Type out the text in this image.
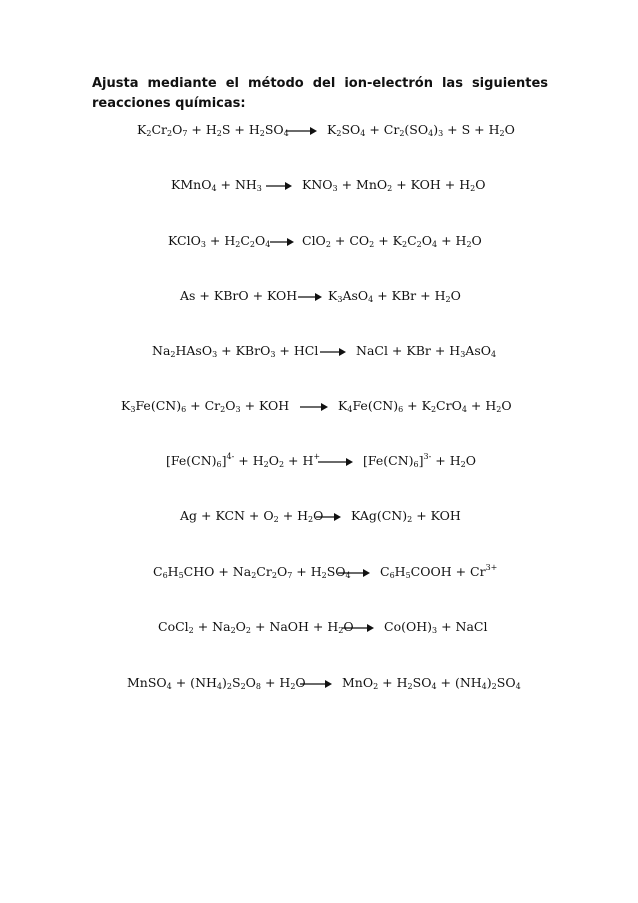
Ajusta mediante el método del ion-electrón las siguientes reacciones químicas:
$K_2Cr_2O_7 + H_2S + H_2SO_4 \to K_2SO_4 + Cr_2(SO_4)_3 + S + H_2O$
KMnO$_4$ + $NH_3 \to KNO_3 + MnO_2$ + KOH + $H_2O$
KClO$_3$ + $H_2C_2O_4 \to ClO_2 + CO_2 + K_2C_2O_4 + H_2O$
As + KBrO + KOH → $K_3AsO_4$ + KBr + $H_2O$
$Na_2HAsO_3$ + KBrO$_3$ + HCl → NaCl + KBr + $H_3AsO_4$
$K_3Fe(CN)_6 + Cr_2O_3$ + KOH → $K_4Fe(CN)_6 + K_2CrO_4 + H_2O$
$[Fe(CN)_6]^{4-} + H_2O_2 + H^+ \to [Fe(CN)_6]^{3-} + H_2O$
Ag + KCN + $O_2 + H_2O \to KAg(CN)_2$ + KOH
$C_6H_5CHO + Na_2Cr_2O_7 + H_2SO_4$ → $C_6H_5COOH + Cr^{3+}$
CoCl$_2$ + $Na_2O_2$ + NaOH + $H_2O \to Co(OH)_3$ + NaCl
MnSO$_4$ + $(NH_4)_2S_2O_8 + H_2O \to MnO_2 + H_2SO_4 + (NH_4)_2SO_4$
